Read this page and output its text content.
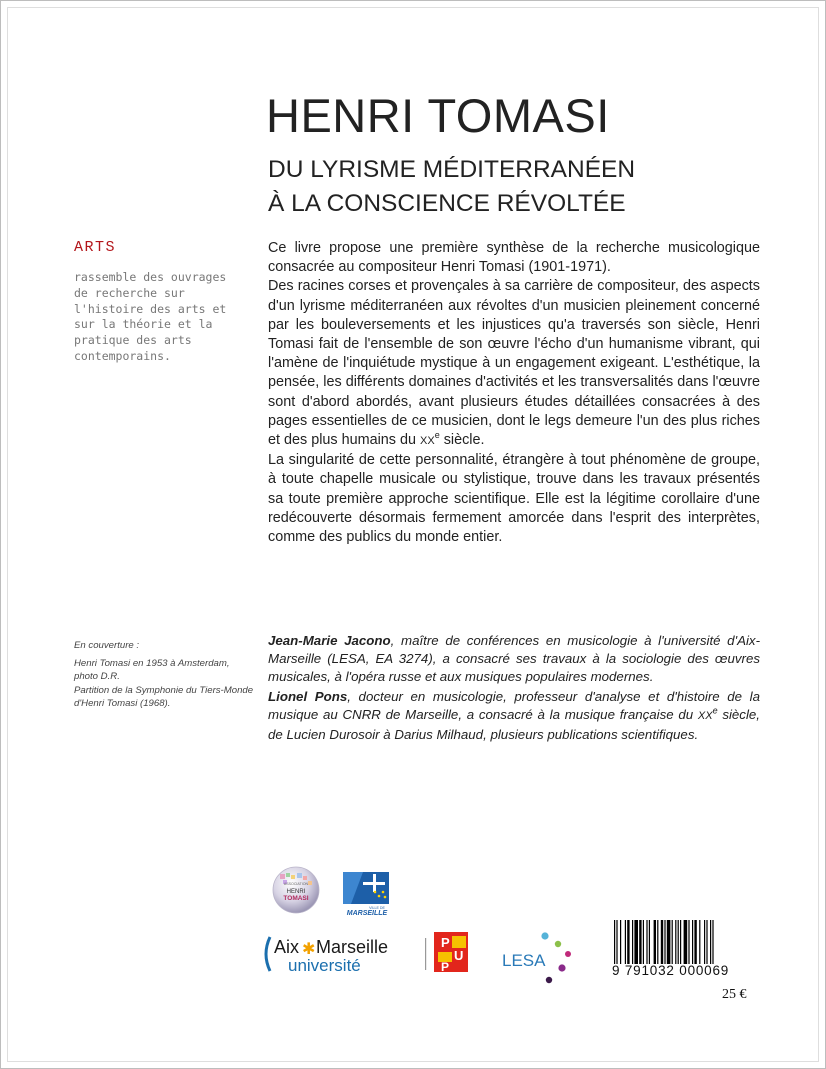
HENRI TOMASI
DU LYRISME MÉDITERRANÉEN
À LA CONSCIENCE RÉVOLTÉE
ARTS
rassemble des ouvrages de recherche sur l'histoire des arts et sur la théorie et la pratique des arts contemporains.

Ce livre propose une première synthèse de la recherche musicologique consacrée au compositeur Henri Tomasi (1901-1971).

Des racines corses et provençales à sa carrière de compositeur, des aspects d'un lyrisme méditerranéen aux révoltes d'un musicien pleinement concerné par les bouleversements et les injustices qu'a traversés son siècle, Henri Tomasi fait de l'ensemble de son œuvre l'écho d'un humanisme vibrant, qui l'amène de l'inquiétude mystique à un engagement exigeant. L'esthétique, la pensée, les différents domaines d'activités et les transversalités dans l'œuvre sont d'abord abordés, avant plusieurs études détaillées consacrées à des pages essentielles de ce musicien, dont le legs demeure l'un des plus riches et des plus humains du XXe siècle.

La singularité de cette personnalité, étrangère à tout phénomène de groupe, à toute chapelle musicale ou stylistique, trouve dans les travaux présentés sa toute première approche scientifique. Elle est la légitime corollaire d'une redécouverte désormais fermement amorcée dans l'esprit des interprètes, comme des publics du monde entier.

En couverture :

Henri Tomasi en 1953 à Amsterdam, photo D.R.

Partition de la Symphonie du Tiers-Monde d'Henri Tomasi (1968).

Jean-Marie Jacono, maître de conférences en musicologie à l'université d'Aix-Marseille (LESA, EA 3274), a consacré ses travaux à la sociologie des œuvres musicales, à l'opéra russe et aux musiques populaires modernes.

Lionel Pons, docteur en musicologie, professeur d'analyse et d'histoire de la musique au CNRR de Marseille, a consacré à la musique française du XXe siècle, de Lucien Durosoir à Darius Milhaud, plusieurs publications scientifiques.

ASSOCIATION
HENRI
TOMASI
VILLE DE
MARSEILLE
Aix ✱ Marseille
université
P
U
P	LESA
9 791032 000069
25 €
